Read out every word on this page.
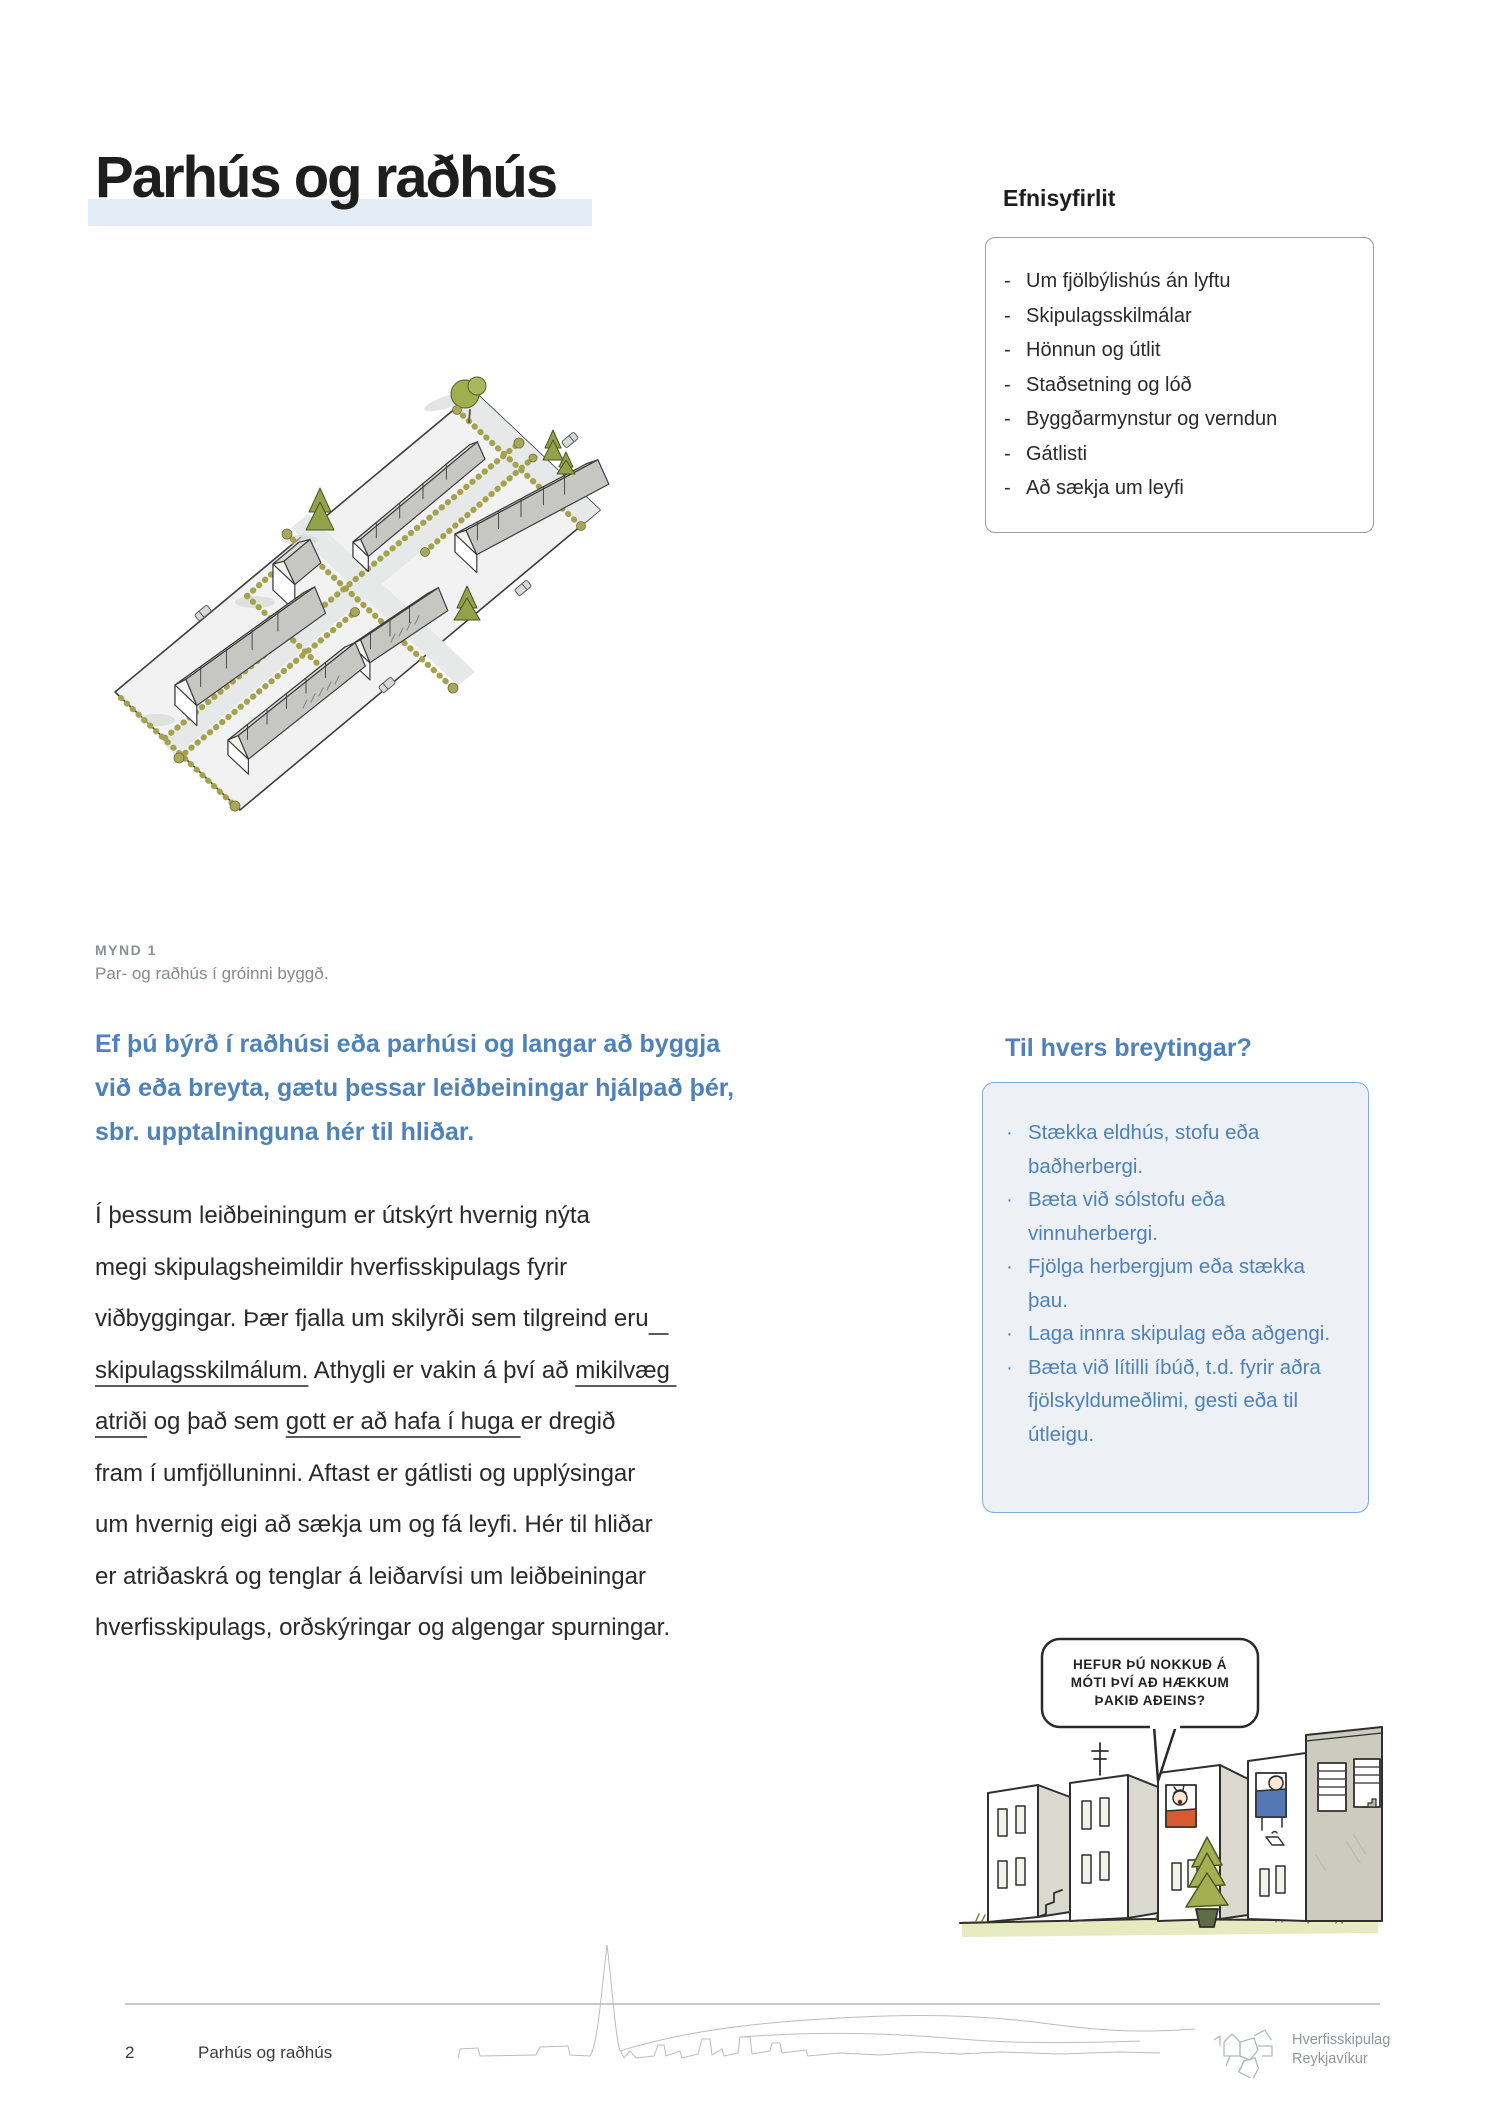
Parhús og raðhús	Efnisyfirlit
- Um fjölbýlishús án lyftu
- Skipulagsskilmálar
- Hönnun og útlit
- Staðsetning og lóð
- Byggðarmynstur og verndun
- Gátlisti
- Að sækja um leyfi
MYND 1
Par- og raðhús í gróinni byggð.
Ef þú býrð í raðhúsi eða parhúsi og langar að byggja
við eða breyta, gætu þessar leiðbeiningar hjálpað þér,
sbr. upptalninguna hér til hliðar.
Í þessum leiðbeiningum er útskýrt hvernig nýta
megi skipulagsheimildir hverfisskipulags fyrir
viðbyggingar. Þær fjalla um skilyrði sem tilgreind eru
skipulagsskilmálum. Athygli er vakin á því að mikilvæg
atriði og það sem gott er að hafa í huga er dregið
fram í umfjölluninni. Aftast er gátlisti og upplýsingar
um hvernig eigi að sækja um og fá leyfi. Hér til hliðar
er atriðaskrá og tenglar á leiðarvísi um leiðbeiningar
hverfisskipulags, orðskýringar og algengar spurningar.
Til hvers breytingar?
· Stækka eldhús, stofu eða baðherbergi.
· Bæta við sólstofu eða vinnuherbergi.
· Fjölga herbergjum eða stækka þau.
· Laga innra skipulag eða aðgengi.
· Bæta við lítilli íbúð, t.d. fyrir aðra fjölskyldumeðlimi, gesti eða til útleigu.
HEFUR ÞÚ NOKKUÐ Á
MÓTI ÞVÍ AÐ HÆKKUM
ÞAKIÐ AÐEINS?
2	Parhús og raðhús
Hverfisskipulag
Reykjavíkur
